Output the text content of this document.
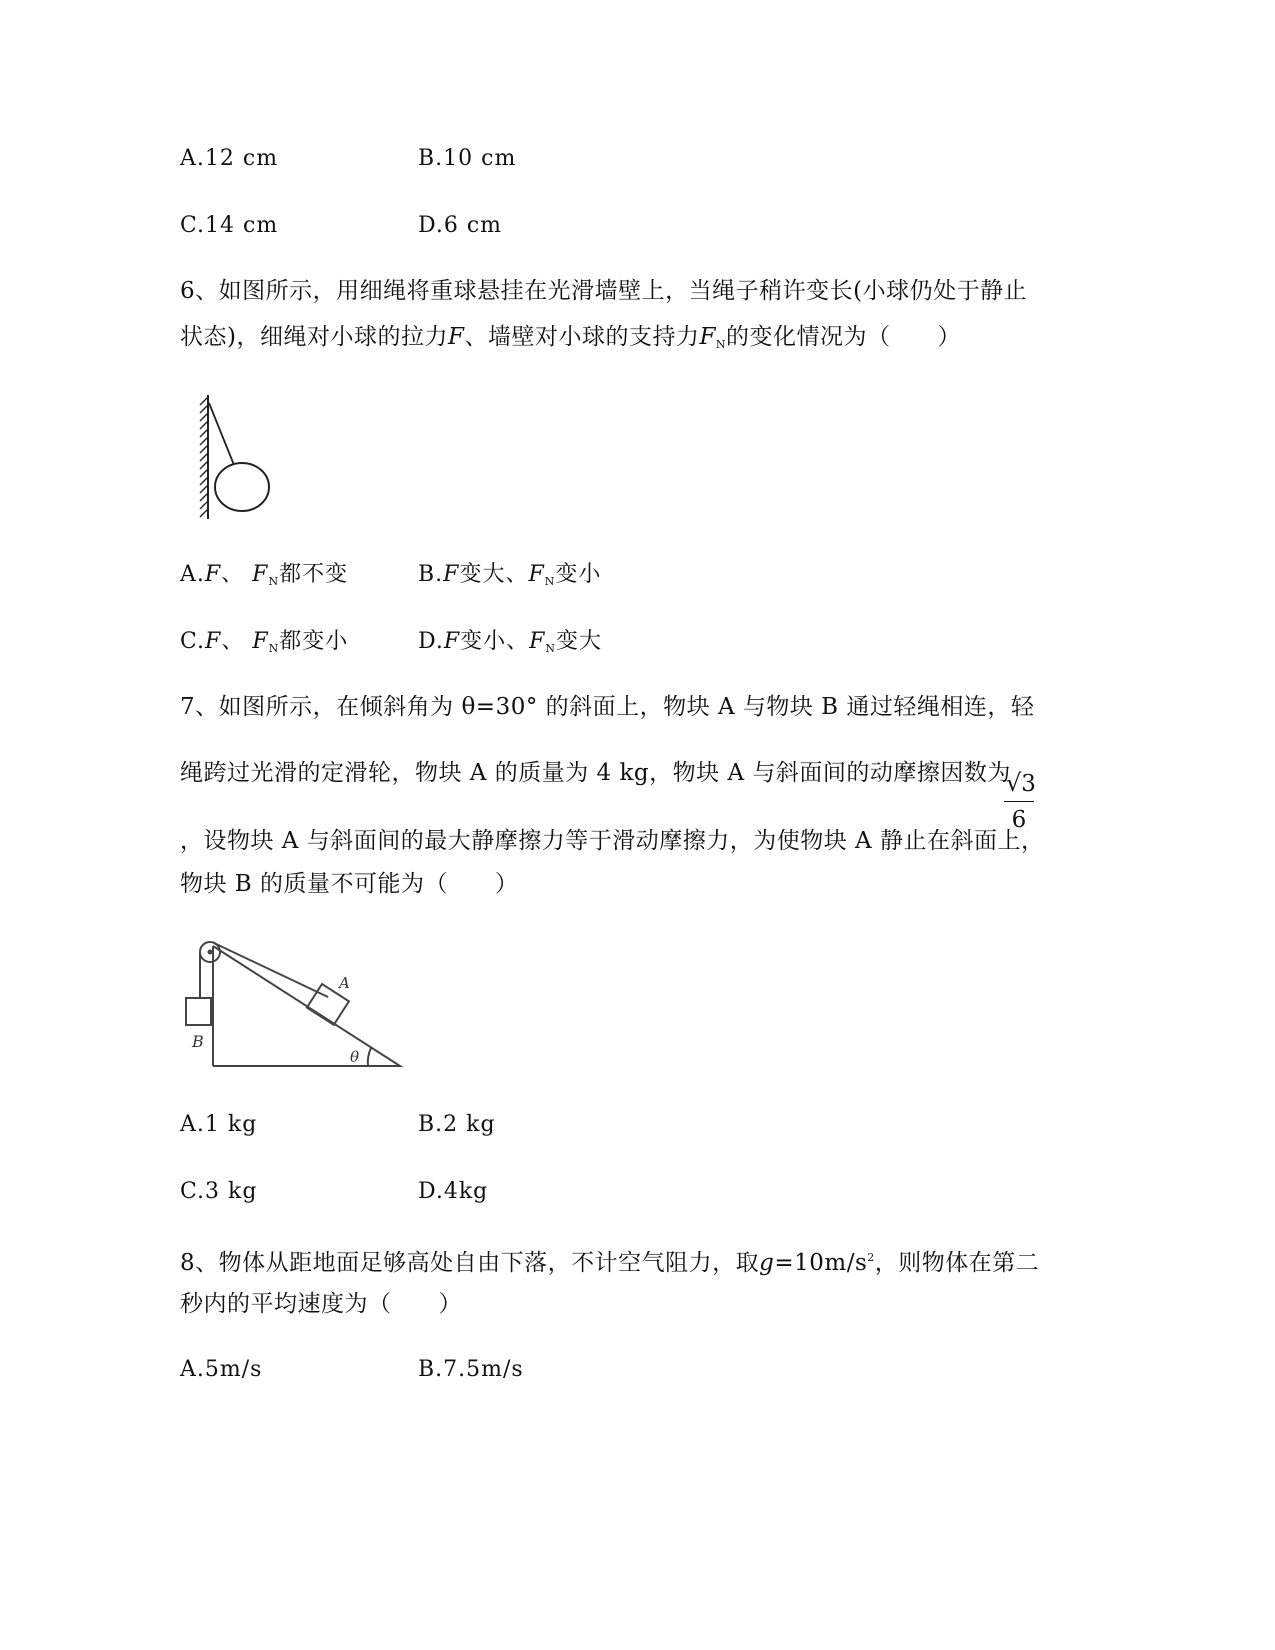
A.12 cm	B.10 cm
C.14 cm	D.6 cm
6、如图所示，用细绳将重球悬挂在光滑墙壁上，当绳子稍许变长(小球仍处于静止
状态)，细绳对小球的拉力F、墙壁对小球的支持力$F_N$的变化情况为（　　）
A.F、 $F_N$都不变	B.F变大、$F_N$变小
C.F、 $F_N$都变小	D.F变小、$F_N$变大
7、如图所示，在倾斜角为 θ=30° 的斜面上，物块 A 与物块 B 通过轻绳相连，轻
绳跨过光滑的定滑轮，物块 A 的质量为 4 kg，物块 A 与斜面间的动摩擦因数为
$\frac{√3}{6}$
，设物块 A 与斜面间的最大静摩擦力等于滑动摩擦力，为使物块 A 静止在斜面上，
物块 B 的质量不可能为（　　）
A
B
θ
A.1 kg	B.2 kg
C.3 kg	D.4kg
8、物体从距地面足够高处自由下落，不计空气阻力，取$g=10m/s^2$，则物体在第二
秒内的平均速度为（　　）
A.5m/s	B.7.5m/s
